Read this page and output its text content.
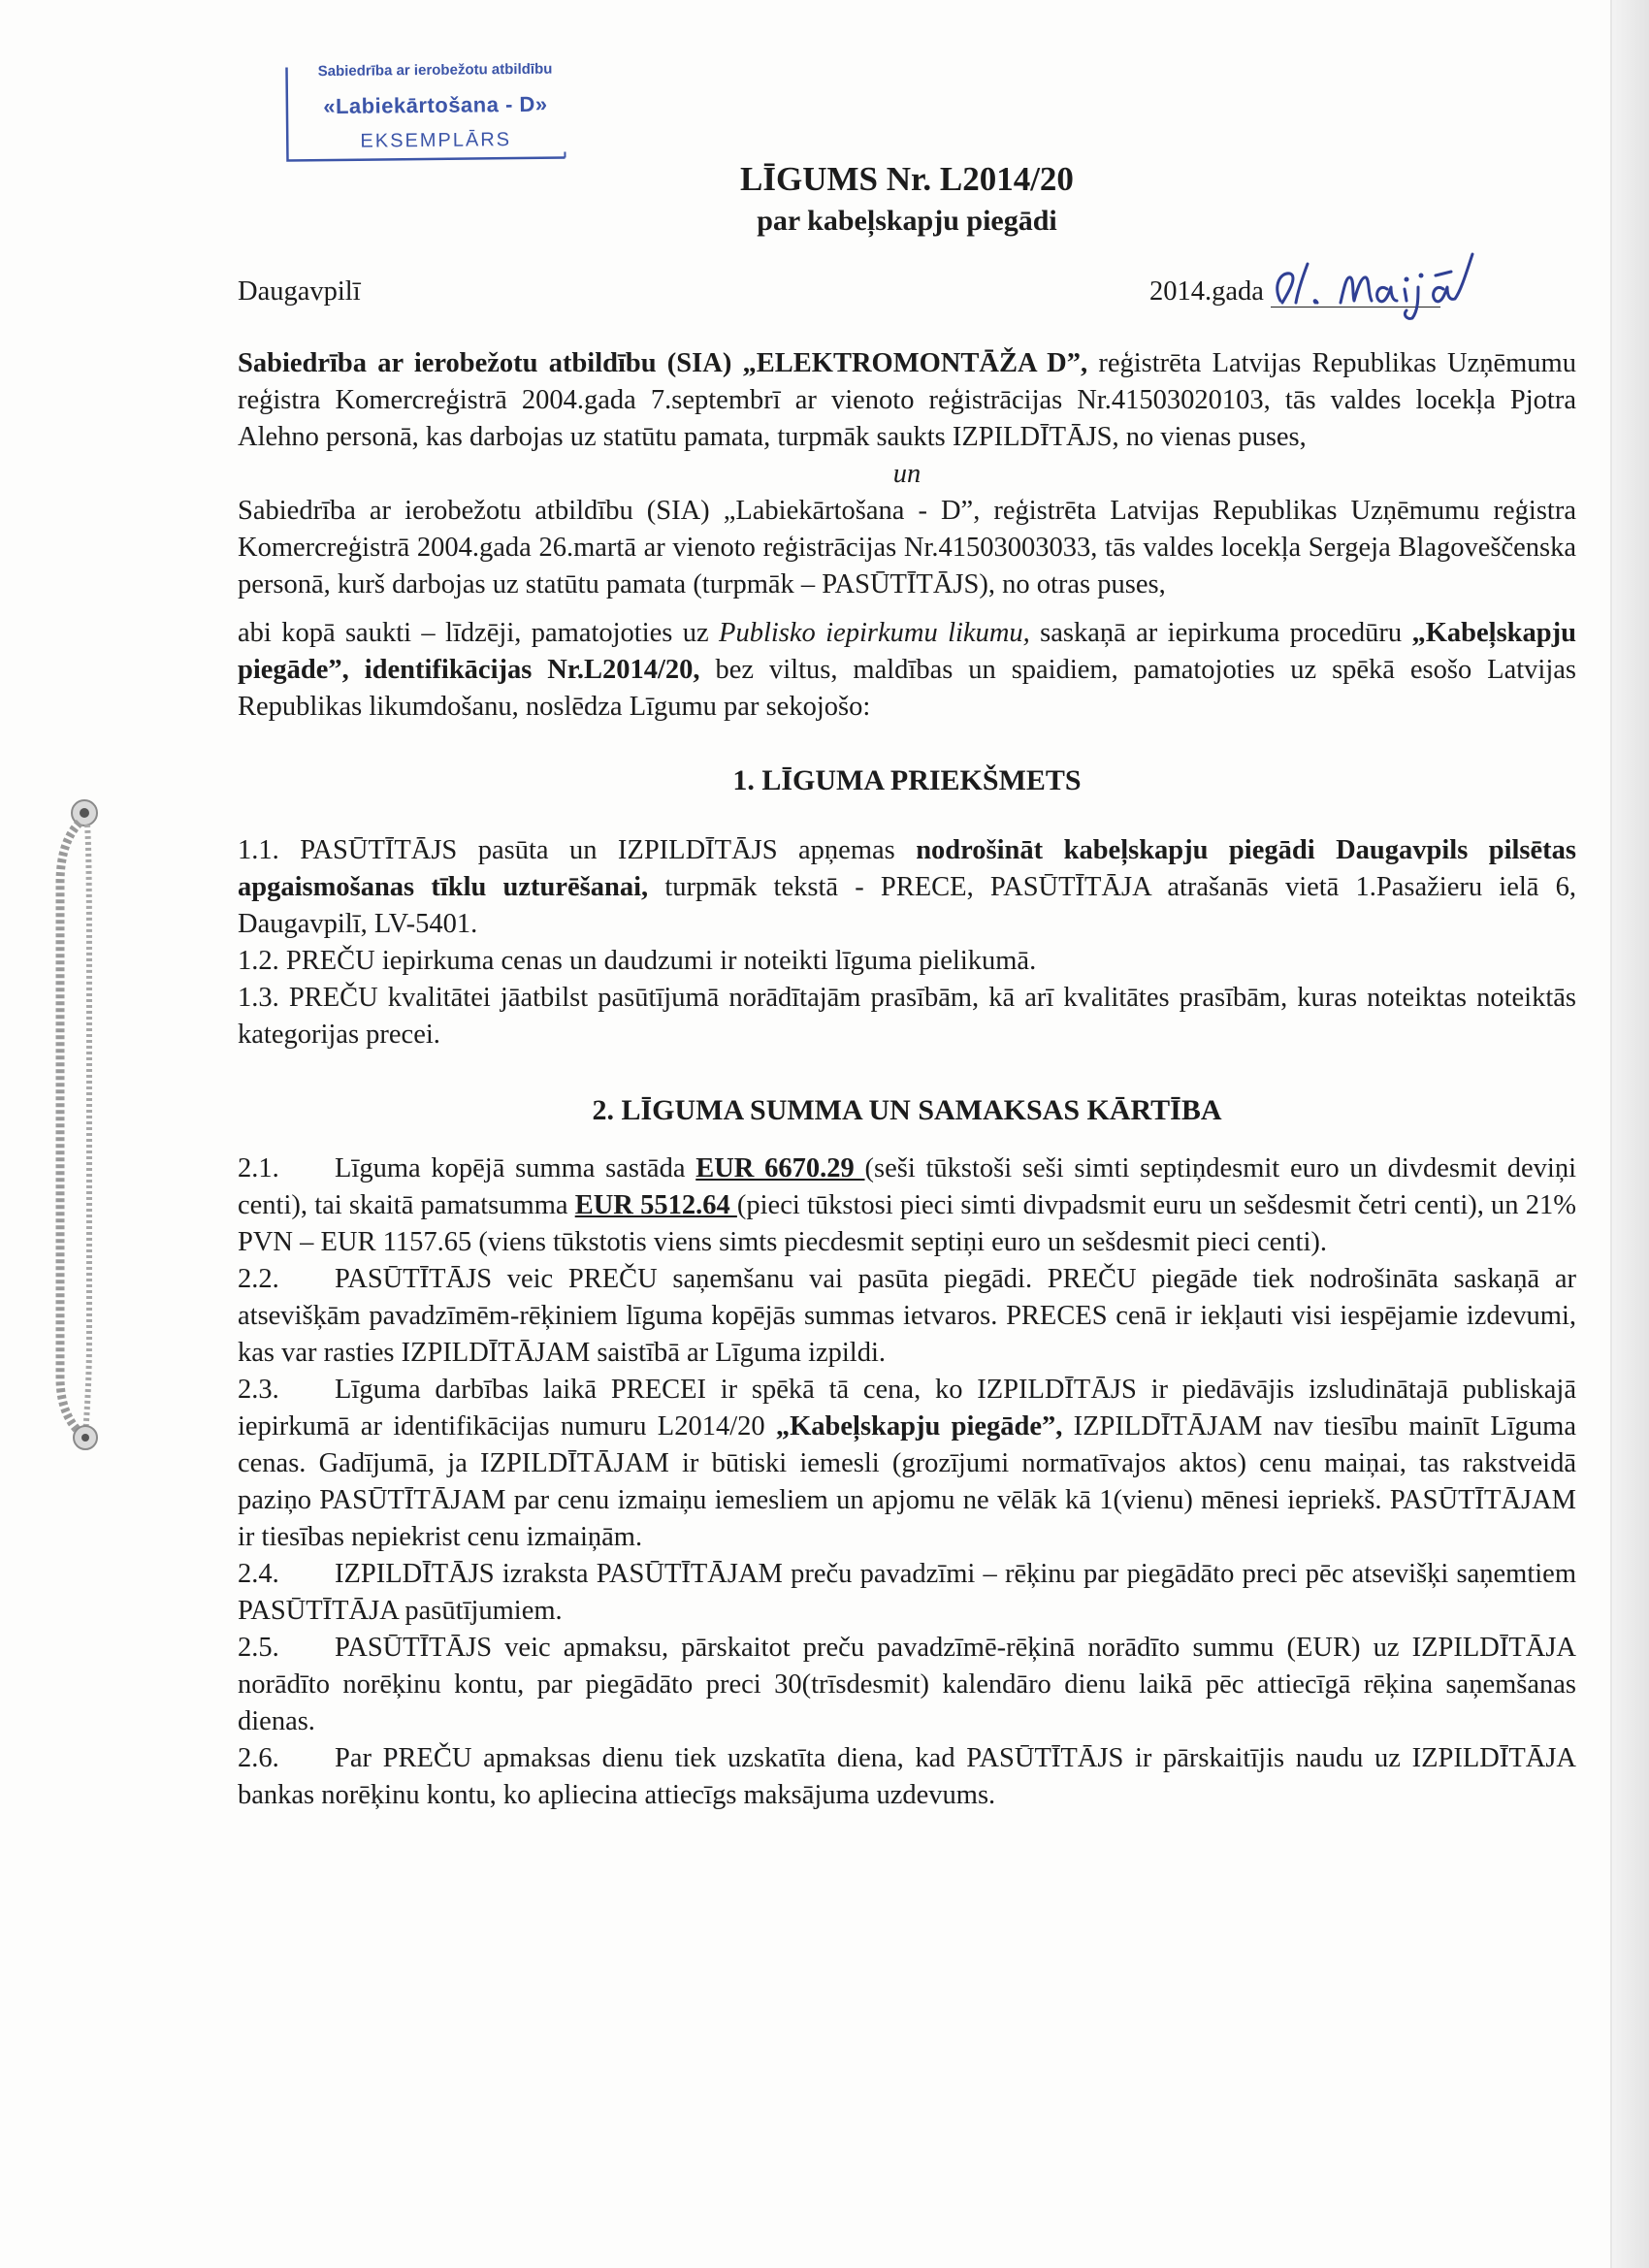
Sabiedrība ar ierobežotu atbildību
«Labiekārtošana - D»
EKSEMPLĀRS

LĪGUMS Nr. L2014/20

par kabeļskapju piegādi

Daugavpilī	2014.gada

Sabiedrība ar ierobežotu atbildību (SIA) „ELEKTROMONTĀŽA D”, reģistrēta Latvijas Republikas Uzņēmumu reģistra Komercreģistrā 2004.gada 7.septembrī ar vienoto reģistrācijas Nr.41503020103, tās valdes locekļa Pjotra Alehno personā, kas darbojas uz statūtu pamata, turpmāk saukts IZPILDĪTĀJS, no vienas puses,

un

Sabiedrība ar ierobežotu atbildību (SIA) „Labiekārtošana - D”, reģistrēta Latvijas Republikas Uzņēmumu reģistra Komercreģistrā 2004.gada 26.martā ar vienoto reģistrācijas Nr.41503003033, tās valdes locekļa Sergeja Blagoveščenska personā, kurš darbojas uz statūtu pamata (turpmāk – PASŪTĪTĀJS), no otras puses,

abi kopā saukti – līdzēji, pamatojoties uz Publisko iepirkumu likumu, saskaņā ar iepirkuma procedūru „Kabeļskapju piegāde”, identifikācijas Nr.L2014/20, bez viltus, maldības un spaidiem, pamatojoties uz spēkā esošo Latvijas Republikas likumdošanu, noslēdza Līgumu par sekojošo:

1. LĪGUMA PRIEKŠMETS

1.1. PASŪTĪTĀJS pasūta un IZPILDĪTĀJS apņemas nodrošināt kabeļskapju piegādi Daugavpils pilsētas apgaismošanas tīklu uzturēšanai, turpmāk tekstā - PRECE, PASŪTĪTĀJA atrašanās vietā 1.Pasažieru ielā 6, Daugavpilī, LV-5401.

1.2. PREČU iepirkuma cenas un daudzumi ir noteikti līguma pielikumā.

1.3. PREČU kvalitātei jāatbilst pasūtījumā norādītajām prasībām, kā arī kvalitātes prasībām, kuras noteiktas noteiktās kategorijas precei.

2. LĪGUMA SUMMA UN SAMAKSAS KĀRTĪBA

2.1. Līguma kopējā summa sastāda EUR 6670.29 (seši tūkstoši seši simti septiņdesmit euro un divdesmit deviņi centi), tai skaitā pamatsumma EUR 5512.64 (pieci tūkstosi pieci simti divpadsmit euru un sešdesmit četri centi), un 21% PVN – EUR 1157.65 (viens tūkstotis viens simts piecdesmit septiņi euro un sešdesmit pieci centi).

2.2. PASŪTĪTĀJS veic PREČU saņemšanu vai pasūta piegādi. PREČU piegāde tiek nodrošināta saskaņā ar atsevišķām pavadzīmēm-rēķiniem līguma kopējās summas ietvaros. PRECES cenā ir iekļauti visi iespējamie izdevumi, kas var rasties IZPILDĪTĀJAM saistībā ar Līguma izpildi.

2.3. Līguma darbības laikā PRECEI ir spēkā tā cena, ko IZPILDĪTĀJS ir piedāvājis izsludinātajā publiskajā iepirkumā ar identifikācijas numuru L2014/20 „Kabeļskapju piegāde”, IZPILDĪTĀJAM nav tiesību mainīt Līguma cenas. Gadījumā, ja IZPILDĪTĀJAM ir būtiski iemesli (grozījumi normatīvajos aktos) cenu maiņai, tas rakstveidā paziņo PASŪTĪTĀJAM par cenu izmaiņu iemesliem un apjomu ne vēlāk kā 1(vienu) mēnesi iepriekš. PASŪTĪTĀJAM ir tiesības nepiekrist cenu izmaiņām.

2.4. IZPILDĪTĀJS izraksta PASŪTĪTĀJAM preču pavadzīmi – rēķinu par piegādāto preci pēc atsevišķi saņemtiem PASŪTĪTĀJA pasūtījumiem.

2.5. PASŪTĪTĀJS veic apmaksu, pārskaitot preču pavadzīmē-rēķinā norādīto summu (EUR) uz IZPILDĪTĀJA norādīto norēķinu kontu, par piegādāto preci 30(trīsdesmit) kalendāro dienu laikā pēc attiecīgā rēķina saņemšanas dienas.

2.6. Par PREČU apmaksas dienu tiek uzskatīta diena, kad PASŪTĪTĀJS ir pārskaitījis naudu uz IZPILDĪTĀJA bankas norēķinu kontu, ko apliecina attiecīgs maksājuma uzdevums.
